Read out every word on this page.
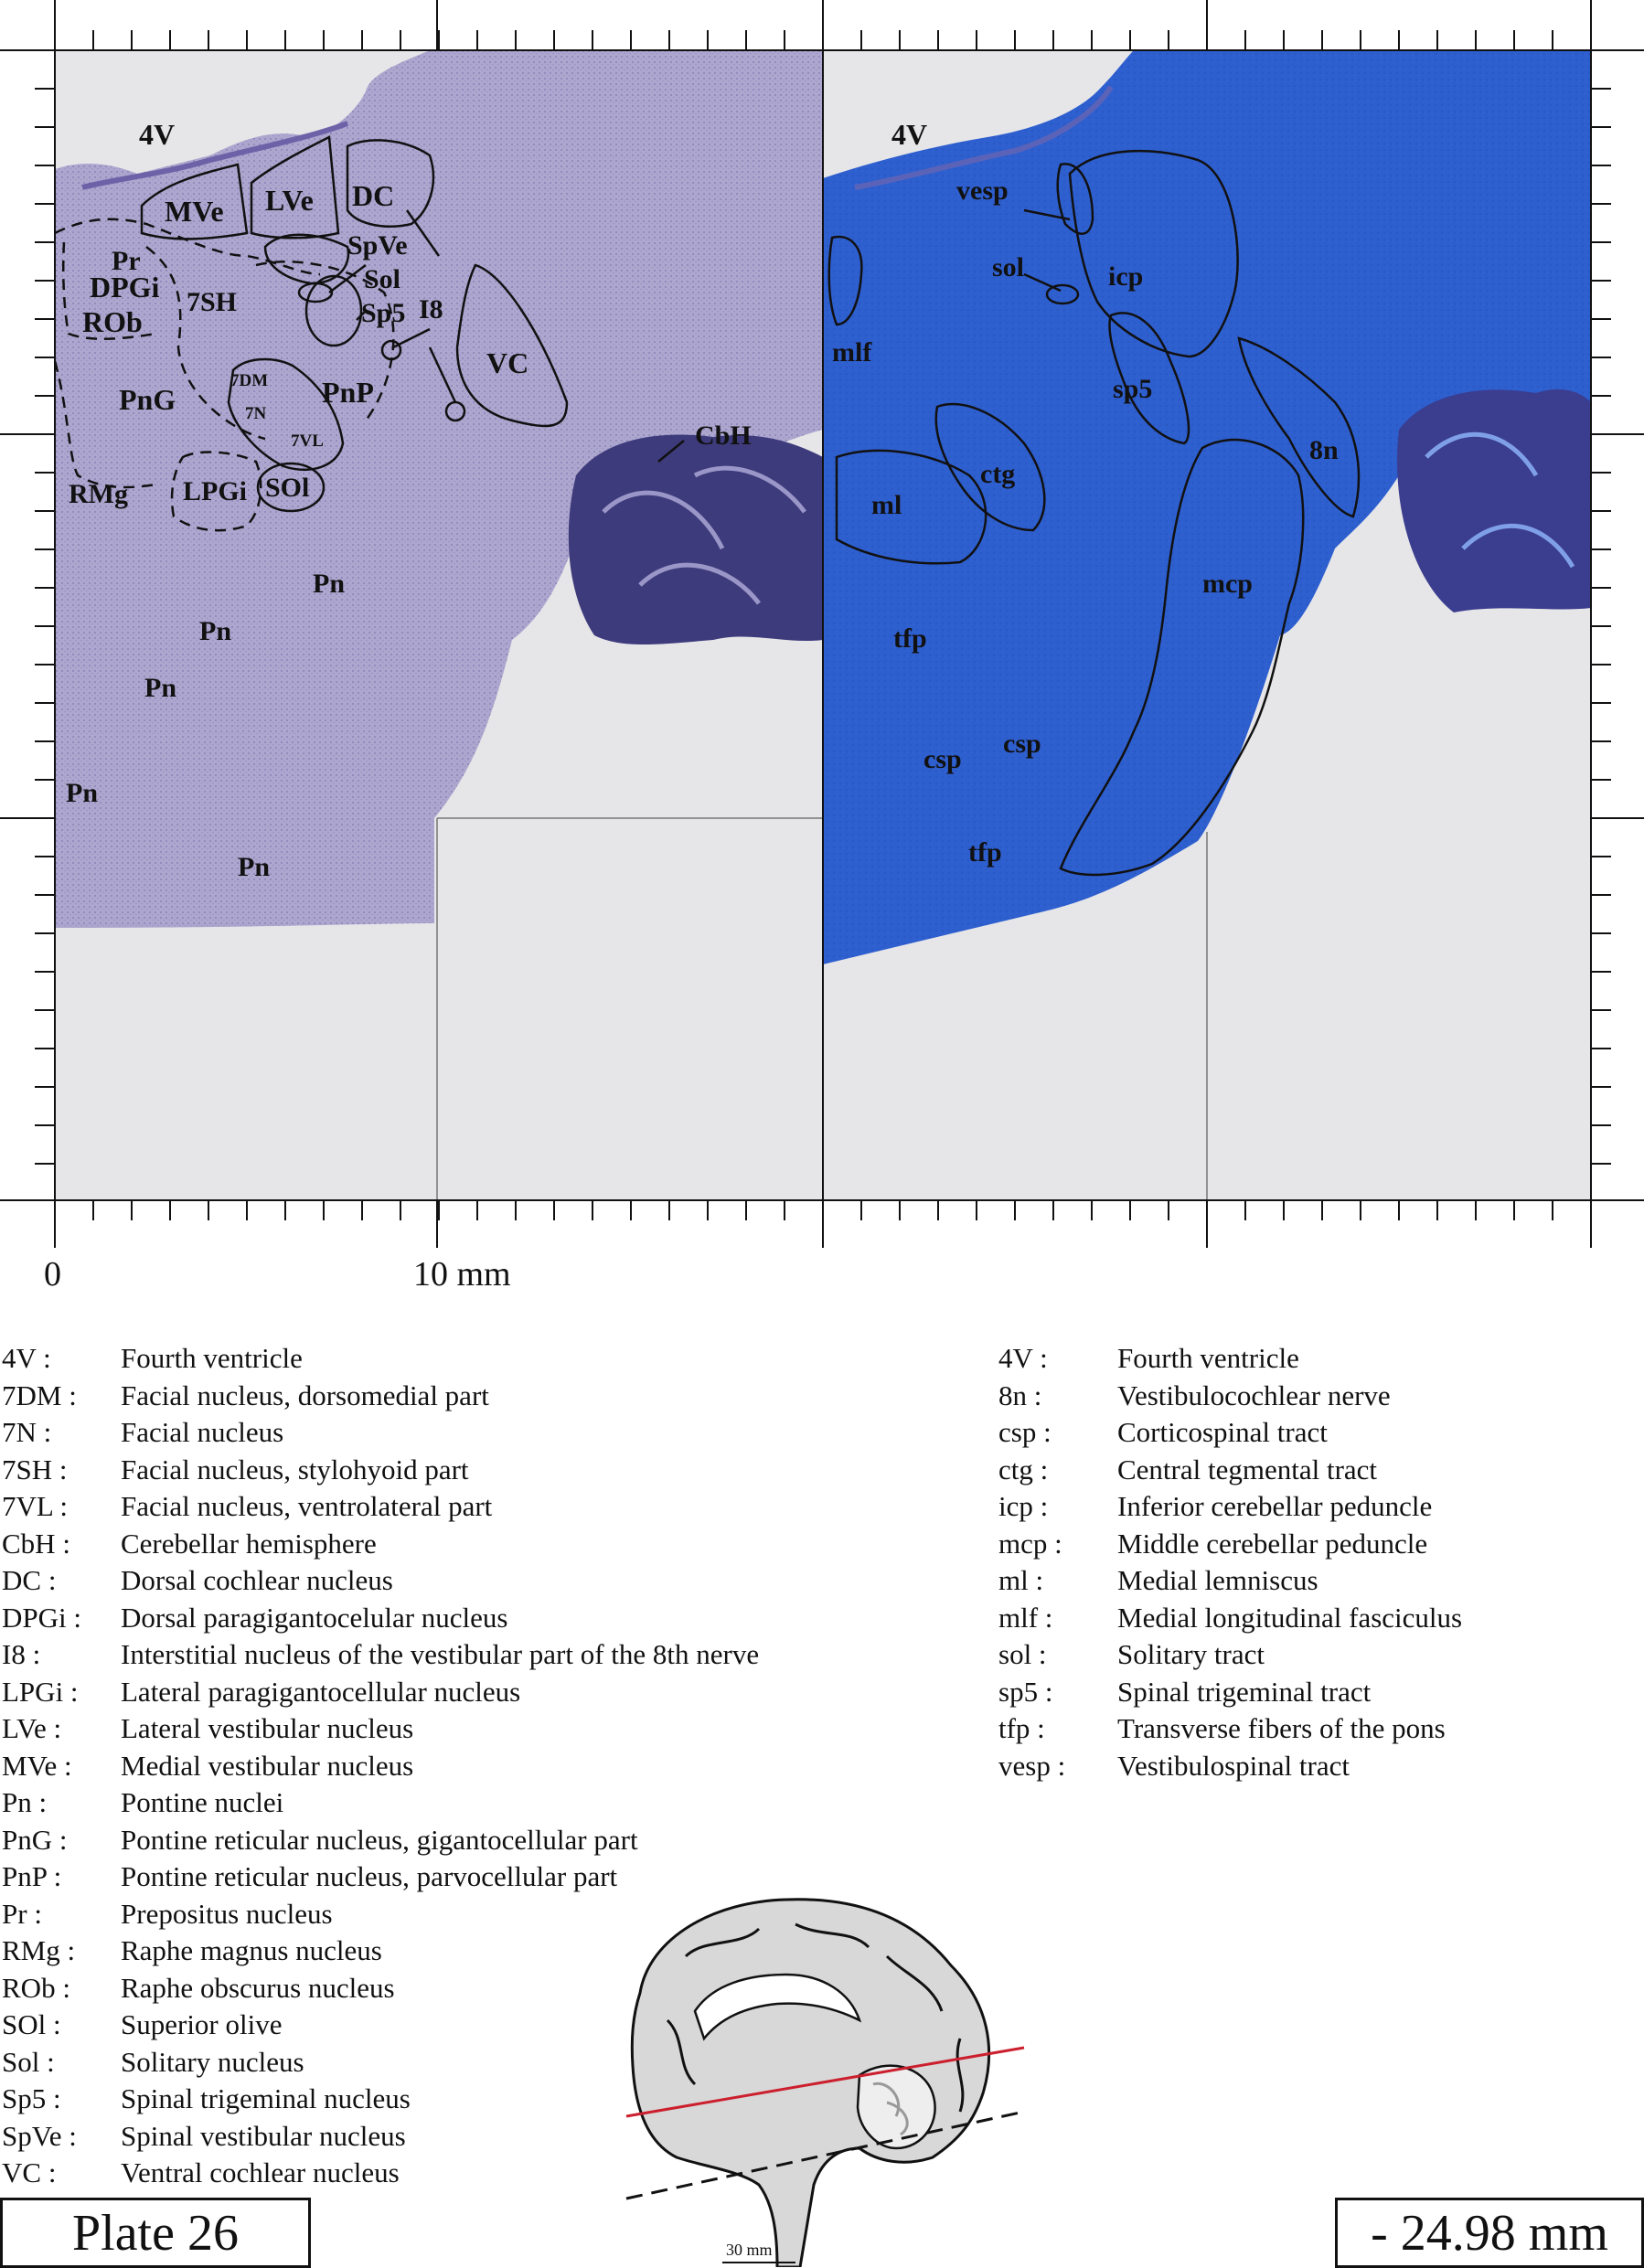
4V
Pr
MVe LVe DC
SpVe
Sol
Sp5 I8
DPGi 7SH
ROb
VC
PnG
7DM
7N
PnP
7VL	CbH
RMg LPGi SOl
Pn
Pn
Pn
Pn
Pn
4V
vesp
sol	icp
mlf
sp5
8n
ctg
ml
mcp
tfp
csp
csp
tfp
0	10 mm
4V :	Fourth ventricle
7DM :	Facial nucleus, dorsomedial part
7N :	Facial nucleus
7SH :	Facial nucleus, stylohyoid part
7VL :	Facial nucleus, ventrolateral part
CbH :	Cerebellar hemisphere
DC :	Dorsal cochlear nucleus
DPGi :	Dorsal paragigantocelular nucleus
I8 :	Interstitial nucleus of the vestibular part of the 8th nerve
LPGi :	Lateral paragigantocellular nucleus
LVe :	Lateral vestibular nucleus
MVe :	Medial vestibular nucleus
Pn :	Pontine nuclei
PnG :	Pontine reticular nucleus, gigantocellular part
PnP :	Pontine reticular nucleus, parvocellular part
Pr :	Prepositus nucleus
RMg :	Raphe magnus nucleus
ROb :	Raphe obscurus nucleus
SOl :	Superior olive
Sol :	Solitary nucleus
Sp5 :	Spinal trigeminal nucleus
SpVe :	Spinal vestibular nucleus
VC :	Ventral cochlear nucleus
4V :	Fourth ventricle
8n :	Vestibulocochlear nerve
csp :	Corticospinal tract
ctg :	Central tegmental tract
icp :	Inferior cerebellar peduncle
mcp :	Middle cerebellar peduncle
ml :	Medial lemniscus
mlf :	Medial longitudinal fasciculus
sol :	Solitary tract
sp5 :	Spinal trigeminal tract
tfp :	Transverse fibers of the pons
vesp :	Vestibulospinal tract
30 mm
Plate 26	- 24.98 mm
